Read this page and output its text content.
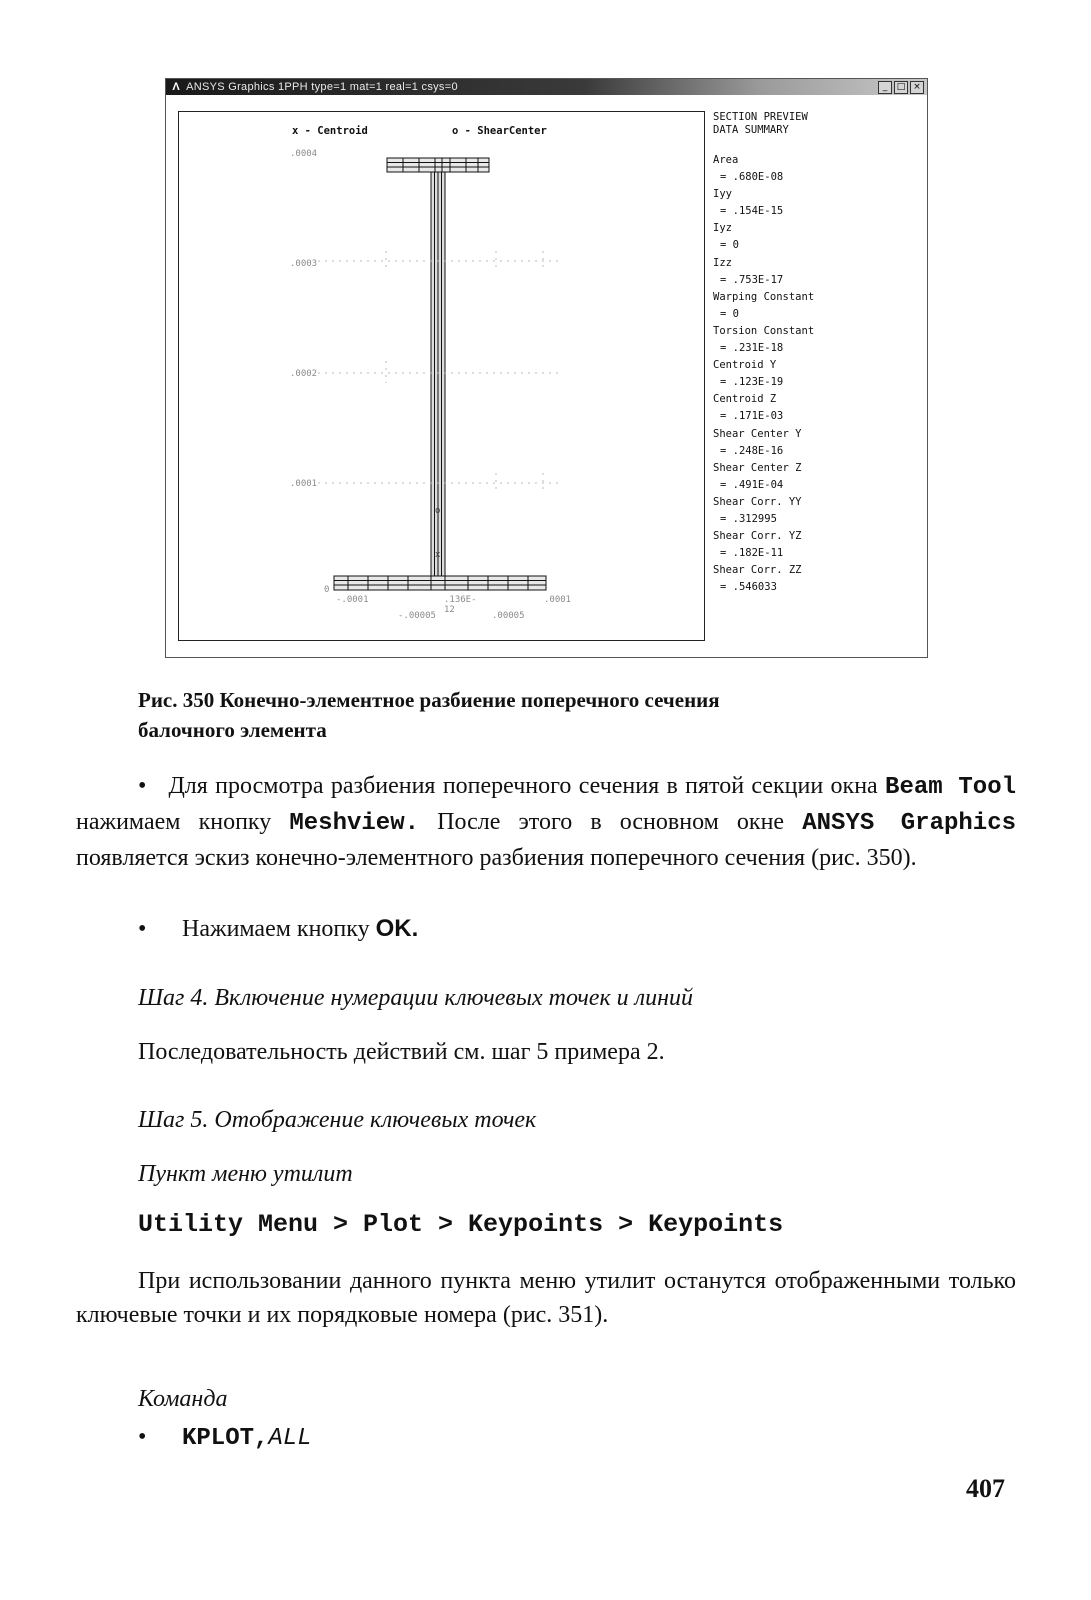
Λ ANSYS Graphics 1PPH type=1 mat=1 real=1 csys=0	_	□ ×
x
o
x - Centroid	o - ShearCenter
.0004
.0003
.0002
.0001
0
-.0001	.136E-12
.0001
-.00005	.00005
SECTION PREVIEW
DATA SUMMARY
Area
= .680E-08
Iyy
= .154E-15
Iyz
= 0
Izz
= .753E-17
Warping Constant
= 0
Torsion Constant
= .231E-18
Centroid Y
= .123E-19
Centroid Z
= .171E-03
Shear Center Y
= .248E-16
Shear Center Z
= .491E-04
Shear Corr. YY
= .312995
Shear Corr. YZ
= .182E-11
Shear Corr. ZZ
= .546033
Рис. 350 Конечно-элементное разбиение поперечного сечения
балочного элемента
•   Для просмотра разбиения поперечного сечения в пятой секции окна Beam Tool нажимаем кнопку Meshview. После этого в основном окне ANSYS Graphics появляется эскиз конечно-элементного разбиения поперечного сечения (рис. 350).
• Нажимаем кнопку OK.
Шаг 4. Включение нумерации ключевых точек и линий
Последовательность действий см. шаг 5 примера 2.
Шаг 5. Отображение ключевых точек
Пункт меню утилит
Utility Menu > Plot > Keypoints > Keypoints
При использовании данного пункта меню утилит останутся отображенными только ключевые точки и их порядковые номера (рис. 351).
Команда
• KPLOT,ALL
407
